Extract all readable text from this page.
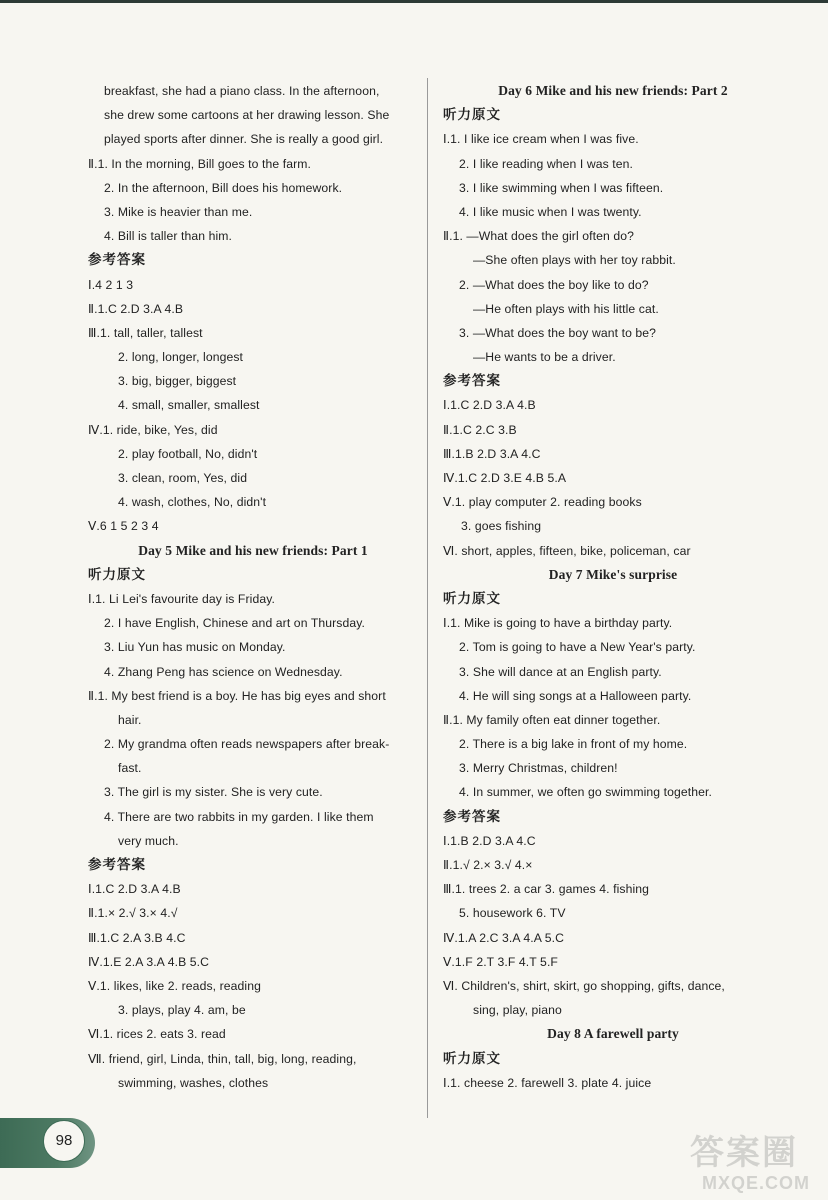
breakfast, she had a piano class. In the afternoon,
she drew some cartoons at her drawing lesson. She
played sports after dinner. She is really a good girl.
Ⅱ.1. In the morning, Bill goes to the farm.
2. In the afternoon, Bill does his homework.
3. Mike is heavier than me.
4. Bill is taller than him.
参考答案
Ⅰ.4 2 1 3
Ⅱ.1.C 2.D 3.A 4.B
Ⅲ.1. tall, taller, tallest
2. long, longer, longest
3. big, bigger, biggest
4. small, smaller, smallest
Ⅳ.1. ride, bike, Yes, did
2. play football, No, didn't
3. clean, room, Yes, did
4. wash, clothes, No, didn't
Ⅴ.6 1 5 2 3 4
Day 5 Mike and his new friends: Part 1
听力原文
Ⅰ.1. Li Lei's favourite day is Friday.
2. I have English, Chinese and art on Thursday.
3. Liu Yun has music on Monday.
4. Zhang Peng has science on Wednesday.
Ⅱ.1. My best friend is a boy. He has big eyes and short
hair.
2. My grandma often reads newspapers after break-
fast.
3. The girl is my sister. She is very cute.
4. There are two rabbits in my garden. I like them
very much.
参考答案
Ⅰ.1.C 2.D 3.A 4.B
Ⅱ.1.× 2.√ 3.× 4.√
Ⅲ.1.C 2.A 3.B 4.C
Ⅳ.1.E 2.A 3.A 4.B 5.C
Ⅴ.1. likes, like 2. reads, reading
3. plays, play 4. am, be
Ⅵ.1. rices 2. eats 3. read
Ⅶ. friend, girl, Linda, thin, tall, big, long, reading,
swimming, washes, clothes
Day 6 Mike and his new friends: Part 2
听力原文
Ⅰ.1. I like ice cream when I was five.
2. I like reading when I was ten.
3. I like swimming when I was fifteen.
4. I like music when I was twenty.
Ⅱ.1. —What does the girl often do?
—She often plays with her toy rabbit.
2. —What does the boy like to do?
—He often plays with his little cat.
3. —What does the boy want to be?
—He wants to be a driver.
参考答案
Ⅰ.1.C 2.D 3.A 4.B
Ⅱ.1.C 2.C 3.B
Ⅲ.1.B 2.D 3.A 4.C
Ⅳ.1.C 2.D 3.E 4.B 5.A
Ⅴ.1. play computer 2. reading books
3. goes fishing
Ⅵ. short, apples, fifteen, bike, policeman, car
Day 7 Mike's surprise
听力原文
Ⅰ.1. Mike is going to have a birthday party.
2. Tom is going to have a New Year's party.
3. She will dance at an English party.
4. He will sing songs at a Halloween party.
Ⅱ.1. My family often eat dinner together.
2. There is a big lake in front of my home.
3. Merry Christmas, children!
4. In summer, we often go swimming together.
参考答案
Ⅰ.1.B 2.D 3.A 4.C
Ⅱ.1.√ 2.× 3.√ 4.×
Ⅲ.1. trees 2. a car 3. games 4. fishing
5. housework 6. TV
Ⅳ.1.A 2.C 3.A 4.A 5.C
Ⅴ.1.F 2.T 3.F 4.T 5.F
Ⅵ. Children's, shirt, skirt, go shopping, gifts, dance,
sing, play, piano
Day 8 A farewell party
听力原文
Ⅰ.1. cheese 2. farewell 3. plate 4. juice
98	答案圈
MXQE.COM
